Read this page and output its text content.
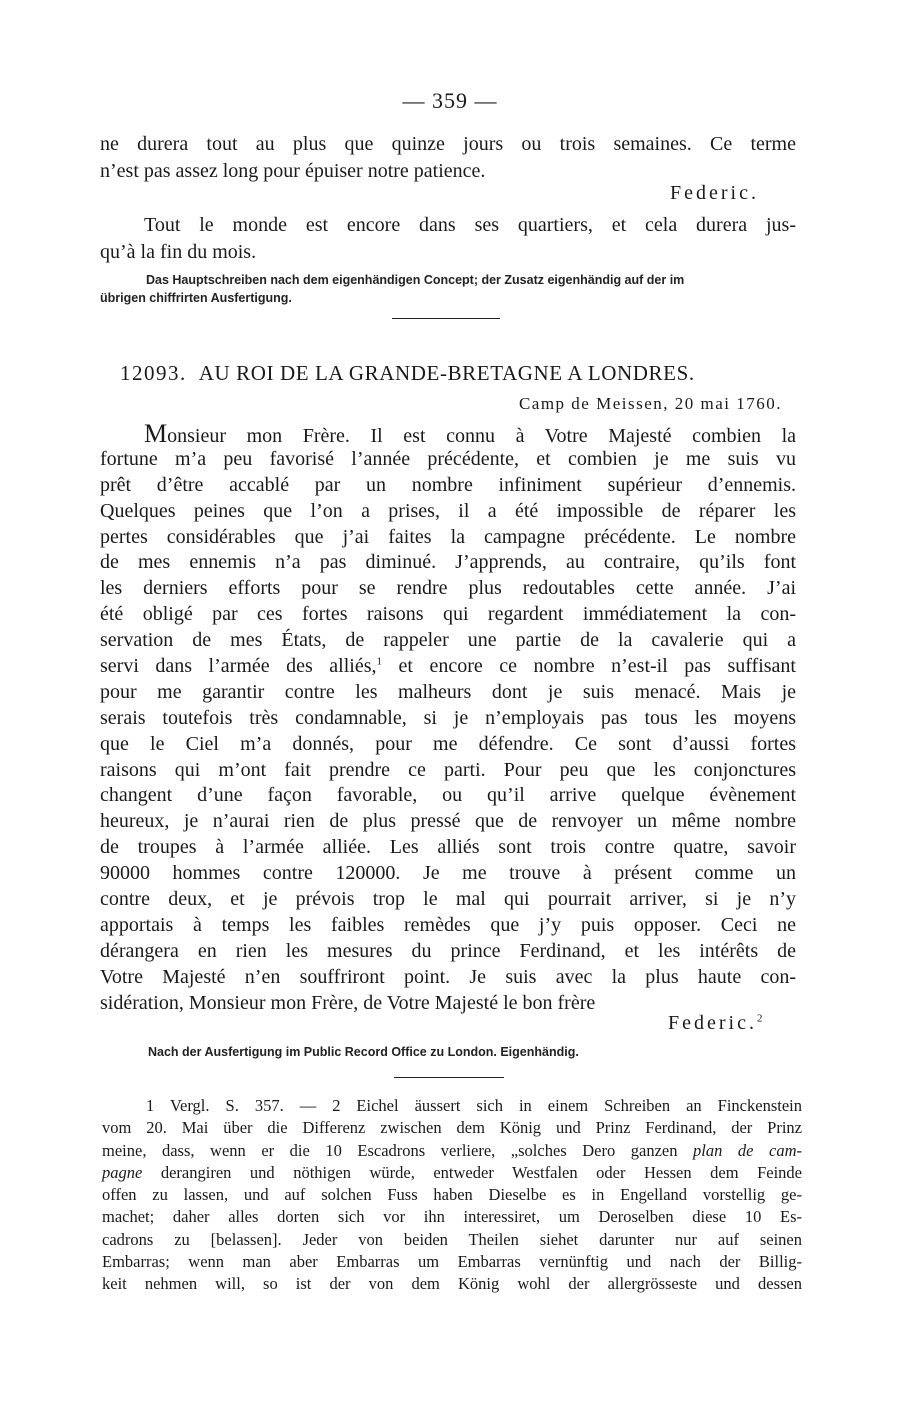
— 359 —
ne durera tout au plus que quinze jours ou trois semaines. Ce terme
n’est pas assez long pour épuiser notre patience.
Federic.
Tout le monde est encore dans ses quartiers, et cela durera jus-
qu’à la fin du mois.
Das Hauptschreiben nach dem eigenhändigen Concept; der Zusatz eigenhändig auf der im
übrigen chiffrirten Ausfertigung.
12093. AU ROI DE LA GRANDE-BRETAGNE A LONDRES.
Camp de Meissen, 20 mai 1760.
Monsieur mon Frère. Il est connu à Votre Majesté combien la
fortune m’a peu favorisé l’année précédente, et combien je me suis vu
prêt d’être accablé par un nombre infiniment supérieur d’ennemis.
Quelques peines que l’on a prises, il a été impossible de réparer les
pertes considérables que j’ai faites la campagne précédente. Le nombre
de mes ennemis n’a pas diminué. J’apprends, au contraire, qu’ils font
les derniers efforts pour se rendre plus redoutables cette année. J’ai
été obligé par ces fortes raisons qui regardent immédiatement la con-
servation de mes États, de rappeler une partie de la cavalerie qui a
servi dans l’armée des alliés,$^1$ et encore ce nombre n’est-il pas suffisant
pour me garantir contre les malheurs dont je suis menacé. Mais je
serais toutefois très condamnable, si je n’employais pas tous les moyens
que le Ciel m’a donnés, pour me défendre. Ce sont d’aussi fortes
raisons qui m’ont fait prendre ce parti. Pour peu que les conjonctures
changent d’une façon favorable, ou qu’il arrive quelque évènement
heureux, je n’aurai rien de plus pressé que de renvoyer un même nombre
de troupes à l’armée alliée. Les alliés sont trois contre quatre, savoir
90000 hommes contre 120000. Je me trouve à présent comme un
contre deux, et je prévois trop le mal qui pourrait arriver, si je n’y
apportais à temps les faibles remèdes que j’y puis opposer. Ceci ne
dérangera en rien les mesures du prince Ferdinand, et les intérêts de
Votre Majesté n’en souffriront point. Je suis avec la plus haute con-
sidération, Monsieur mon Frère, de Votre Majesté le bon frère
Federic.$^2$
Nach der Ausfertigung im Public Record Office zu London. Eigenhändig.
1 Vergl. S. 357. — 2 Eichel äussert sich in einem Schreiben an Finckenstein
vom 20. Mai über die Differenz zwischen dem König und Prinz Ferdinand, der Prinz
meine, dass, wenn er die 10 Escadrons verliere, „solches Dero ganzen plan de cam-
pagne derangiren und nöthigen würde, entweder Westfalen oder Hessen dem Feinde
offen zu lassen, und auf solchen Fuss haben Dieselbe es in Engelland vorstellig ge-
machet; daher alles dorten sich vor ihn interessiret, um Deroselben diese 10 Es-
cadrons zu [belassen]. Jeder von beiden Theilen siehet darunter nur auf seinen
Embarras; wenn man aber Embarras um Embarras vernünftig und nach der Billig-
keit nehmen will, so ist der von dem König wohl der allergrösseste und dessen
